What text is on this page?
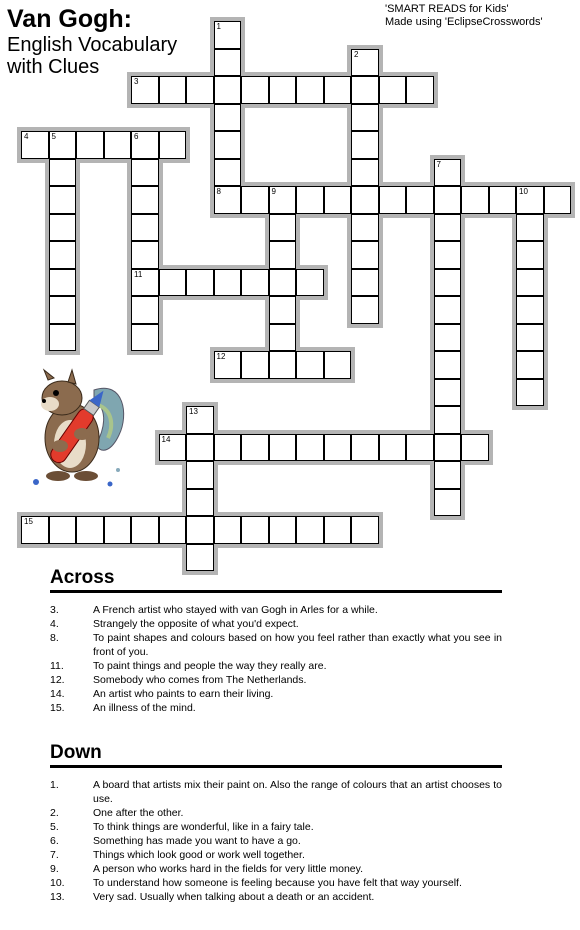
Van Gogh:
English Vocabulary
with Clues
'SMART READS for Kids'
Made using 'EclipseCrosswords'
1
8
2
3
4	5	6
11
7
9	10
12
13
14
15
Across
3.	A French artist who stayed with van Gogh in Arles for a while.
4.	Strangely the opposite of what you'd expect.
8.	To paint shapes and colours based on how you feel rather than exactly what you see in front of you.
11.	To paint things and people the way they really are.
12.	Somebody who comes from The Netherlands.
14.	An artist who paints to earn their living.
15.	An illness of the mind.
Down
1.	A board that artists mix their paint on. Also the range of colours that an artist chooses to use.
2.	One after the other.
5.	To think things are wonderful, like in a fairy tale.
6.	Something has made you want to have a go.
7.	Things which look good or work well together.
9.	A person who works hard in the fields for very little money.
10.	To understand how someone is feeling because you have felt that way yourself.
13.	Very sad. Usually when talking about a death or an accident.
